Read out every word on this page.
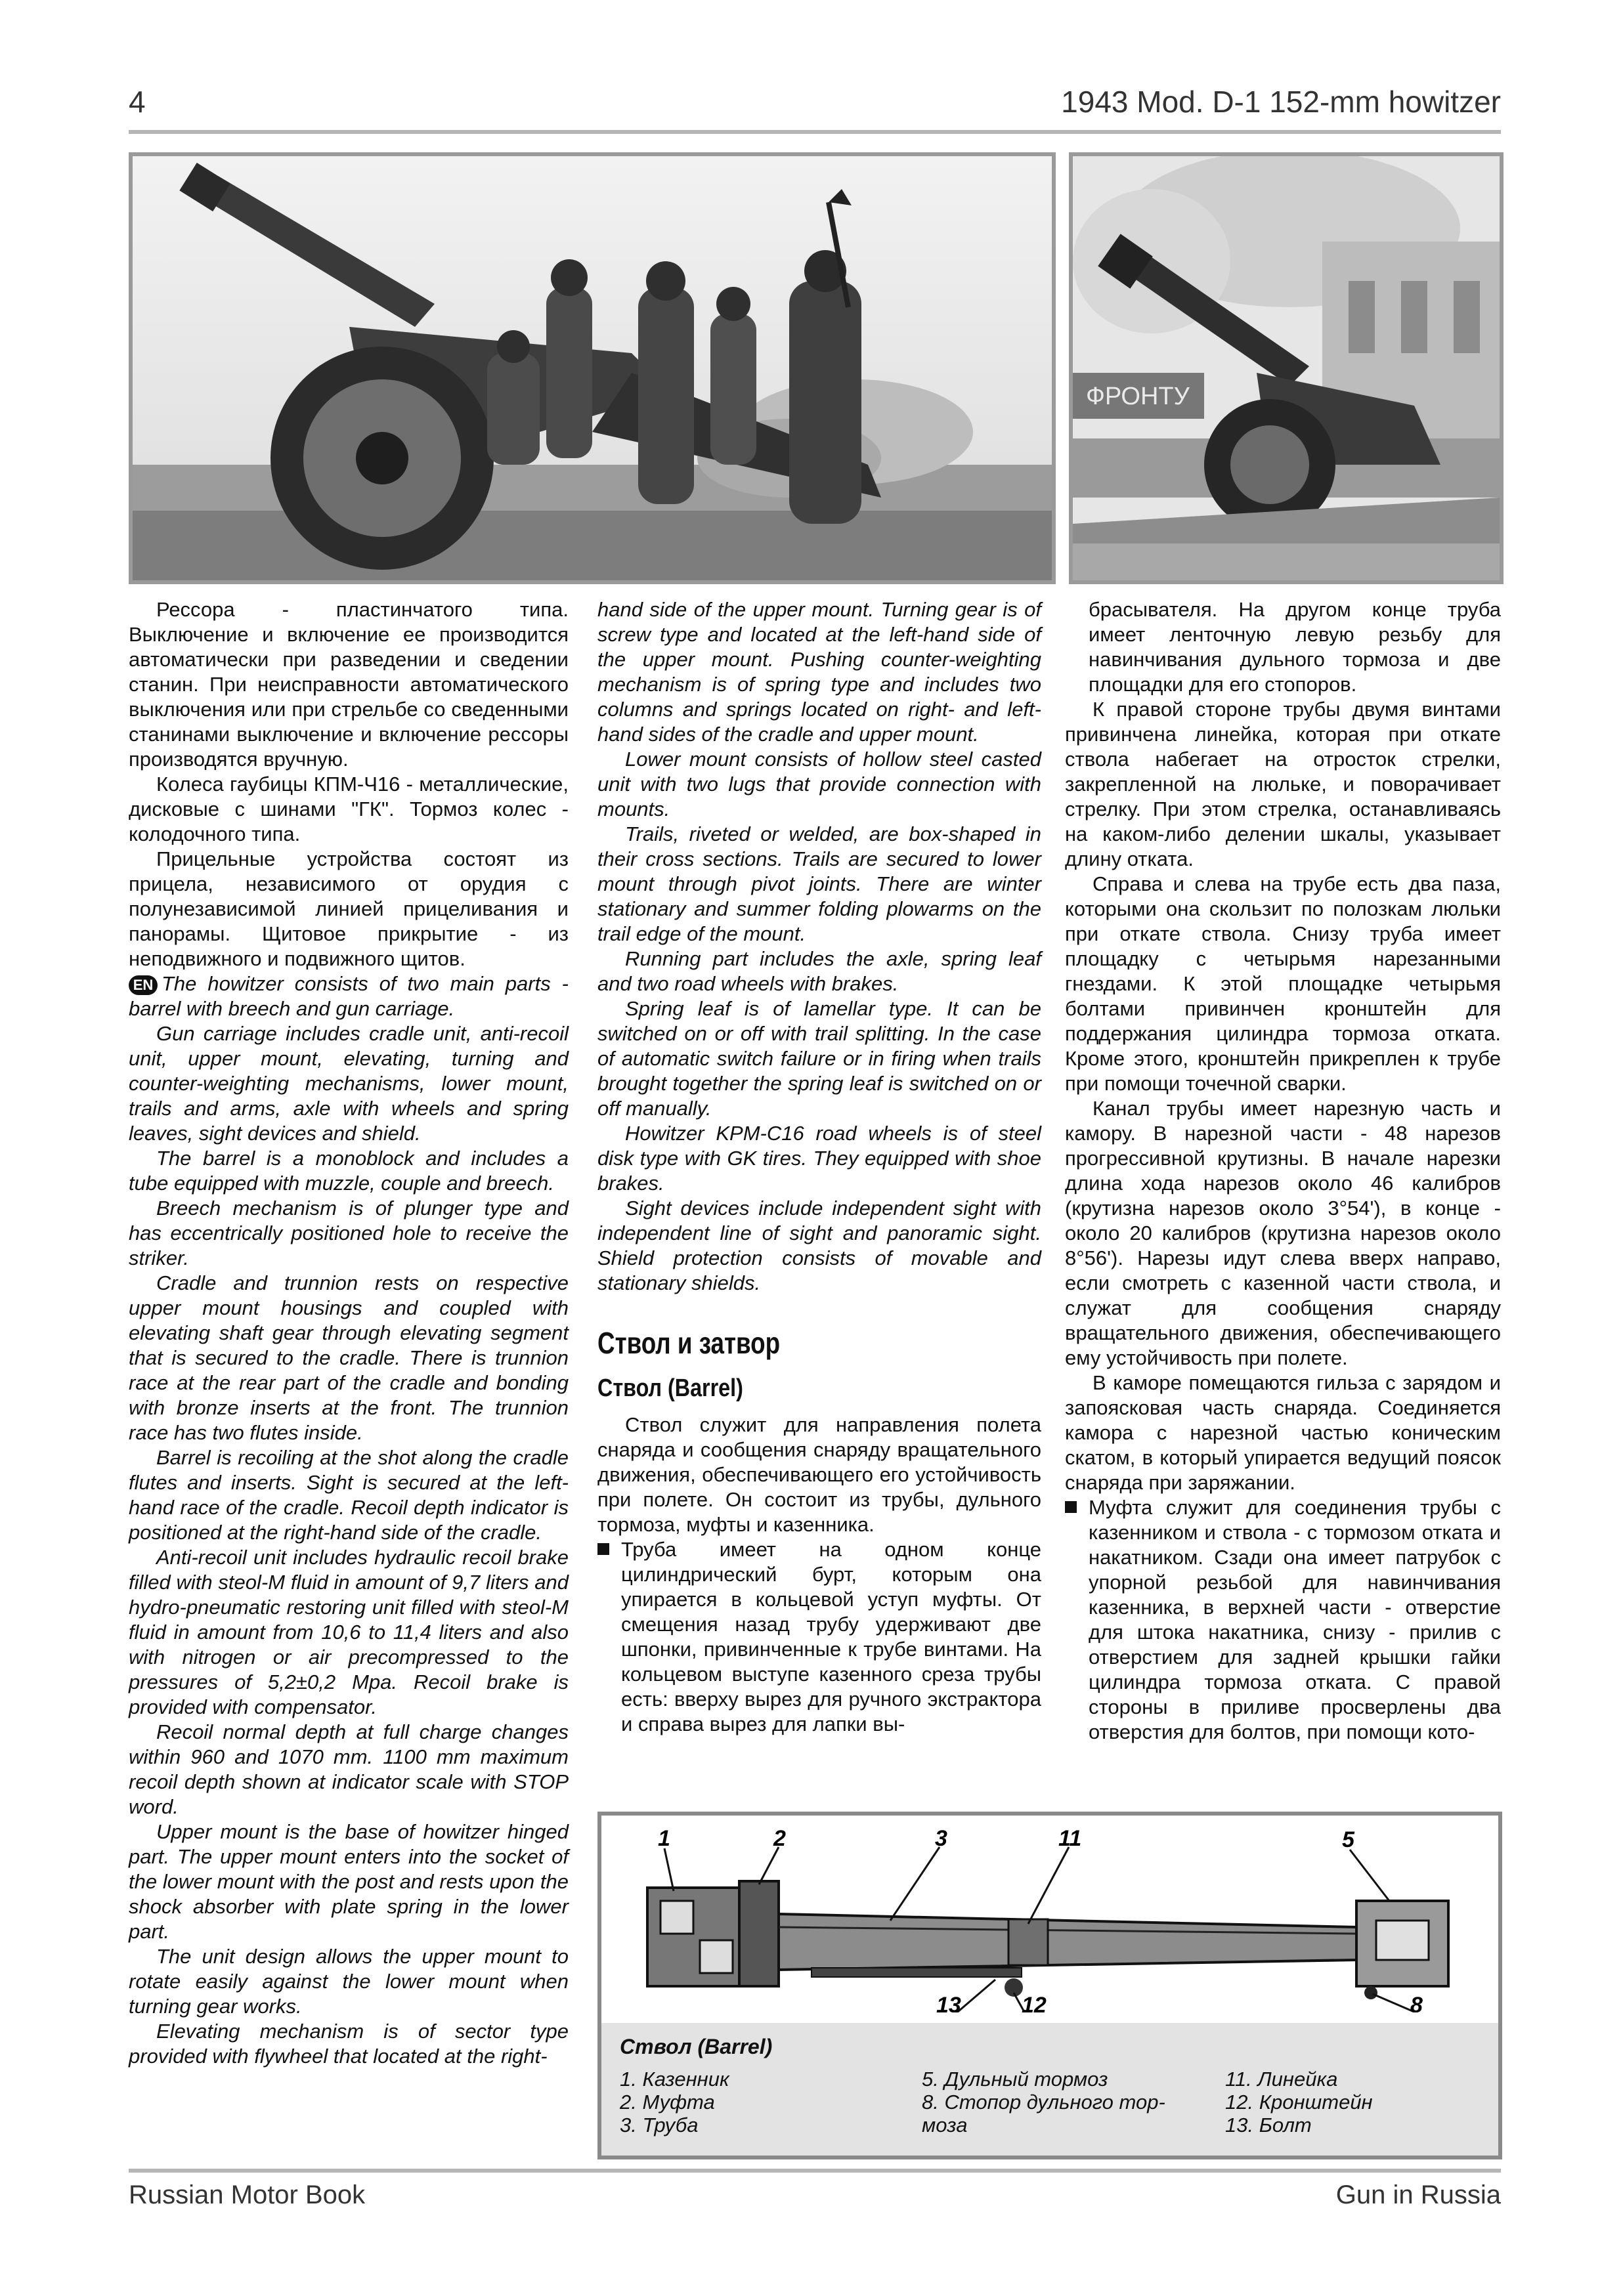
4	1943 Mod. D-1 152-mm howitzer
ФРОНТУ

Рессора - пластинчатого типа. Выключение и включение ее производится автоматически при разведении и сведении станин. При неисправности автоматического выключения или при стрельбе со сведенными станинами выключение и включение рессоры производятся вручную.

Колеса гаубицы КПМ-Ч16 - металлические, дисковые с шинами "ГК". Тормоз колес - колодочного типа.

Прицельные устройства состоят из прицела, независимого от орудия с полунезависимой линией прицеливания и панорамы. Щитовое прикрытие - из неподвижного и подвижного щитов.

EN The howitzer consists of two main parts - barrel with breech and gun carriage.

Gun carriage includes cradle unit, anti-recoil unit, upper mount, elevating, turning and counter-weighting mechanisms, lower mount, trails and arms, axle with wheels and spring leaves, sight devices and shield.

The barrel is a monoblock and includes a tube equipped with muzzle, couple and breech.

Breech mechanism is of plunger type and has eccentrically positioned hole to receive the striker.

Cradle and trunnion rests on respective upper mount housings and coupled with elevating shaft gear through elevating segment that is secured to the cradle. There is trunnion race at the rear part of the cradle and bonding with bronze inserts at the front. The trunnion race has two flutes inside.

Barrel is recoiling at the shot along the cradle flutes and inserts. Sight is secured at the left-hand race of the cradle. Recoil depth indicator is positioned at the right-hand side of the cradle.

Anti-recoil unit includes hydraulic recoil brake filled with steol-M fluid in amount of 9,7 liters and hydro-pneumatic restoring unit filled with steol-M fluid in amount from 10,6 to 11,4 liters and also with nitrogen or air precompressed to the pressures of 5,2±0,2 Mpa. Recoil brake is provided with compensator.

Recoil normal depth at full charge changes within 960 and 1070 mm. 1100 mm maximum recoil depth shown at indicator scale with STOP word.

Upper mount is the base of howitzer hinged part. The upper mount enters into the socket of the lower mount with the post and rests upon the shock absorber with plate spring in the lower part.

The unit design allows the upper mount to rotate easily against the lower mount when turning gear works.

Elevating mechanism is of sector type provided with flywheel that located at the right-

hand side of the upper mount. Turning gear is of screw type and located at the left-hand side of the upper mount. Pushing counter-weighting mechanism is of spring type and includes two columns and springs located on right- and left-hand sides of the cradle and upper mount.

Lower mount consists of hollow steel casted unit with two lugs that provide connection with mounts.

Trails, riveted or welded, are box-shaped in their cross sections. Trails are secured to lower mount through pivot joints. There are winter stationary and summer folding plowarms on the trail edge of the mount.

Running part includes the axle, spring leaf and two road wheels with brakes.

Spring leaf is of lamellar type. It can be switched on or off with trail splitting. In the case of automatic switch failure or in firing when trails brought together the spring leaf is switched on or off manually.

Howitzer KPM-C16 road wheels is of steel disk type with GK tires. They equipped with shoe brakes.

Sight devices include independent sight with independent line of sight and panoramic sight. Shield protection consists of movable and stationary shields.

Ствол и затвор
Ствол (Barrel)

Ствол служит для направления полета снаряда и сообщения снаряду вращательного движения, обеспечивающего его устойчивость при полете. Он состоит из трубы, дульного тормоза, муфты и казенника.

Труба имеет на одном конце цилиндрический бурт, которым она упирается в кольцевой уступ муфты. От смещения назад трубу удерживают две шпонки, привинченные к трубе винтами. На кольцевом выступе казенного среза трубы есть: вверху вырез для ручного экстрактора и справа вырез для лапки вы-

брасывателя. На другом конце труба имеет ленточную левую резьбу для навинчивания дульного тормоза и две площадки для его стопоров.

К правой стороне трубы двумя винтами привинчена линейка, которая при откате ствола набегает на отросток стрелки, закрепленной на люльке, и поворачивает стрелку. При этом стрелка, останавливаясь на каком-либо делении шкалы, указывает длину отката.

Справа и слева на трубе есть два паза, которыми она скользит по полозкам люльки при откате ствола. Снизу труба имеет площадку с четырьмя нарезанными гнездами. К этой площадке четырьмя болтами привинчен кронштейн для поддержания цилиндра тормоза отката. Кроме этого, кронштейн прикреплен к трубе при помощи точечной сварки.

Канал трубы имеет нарезную часть и камору. В нарезной части - 48 нарезов прогрессивной крутизны. В начале нарезки длина хода нарезов около 46 калибров (крутизна нарезов около 3°54'), в конце - около 20 калибров (крутизна нарезов около 8°56'). Нарезы идут слева вверх направо, если смотреть с казенной части ствола, и служат для сообщения снаряду вращательного движения, обеспечивающего ему устойчивость при полете.

В каморе помещаются гильза с зарядом и запоясковая часть снаряда. Соединяется камора с нарезной частью коническим скатом, в который упирается ведущий поясок снаряда при заряжании.

Муфта служит для соединения трубы с казенником и ствола - с тормозом отката и накатником. Сзади она имеет патрубок с упорной резьбой для навинчивания казенника, в верхней части - отверстие для штока накатника, снизу - прилив с отверстием для задней крышки гайки цилиндра тормоза отката. С правой стороны в приливе просверлены два отверстия для болтов, при помощи кото-

1	2	3	11	5
8
13	12
Ствол (Barrel)
1. Казенник
2. Муфта
3. Труба
5. Дульный тормоз
8. Стопор дульного тор-
моза
11. Линейка
12. Кронштейн
13. Болт
Russian Motor Book	Gun in Russia
